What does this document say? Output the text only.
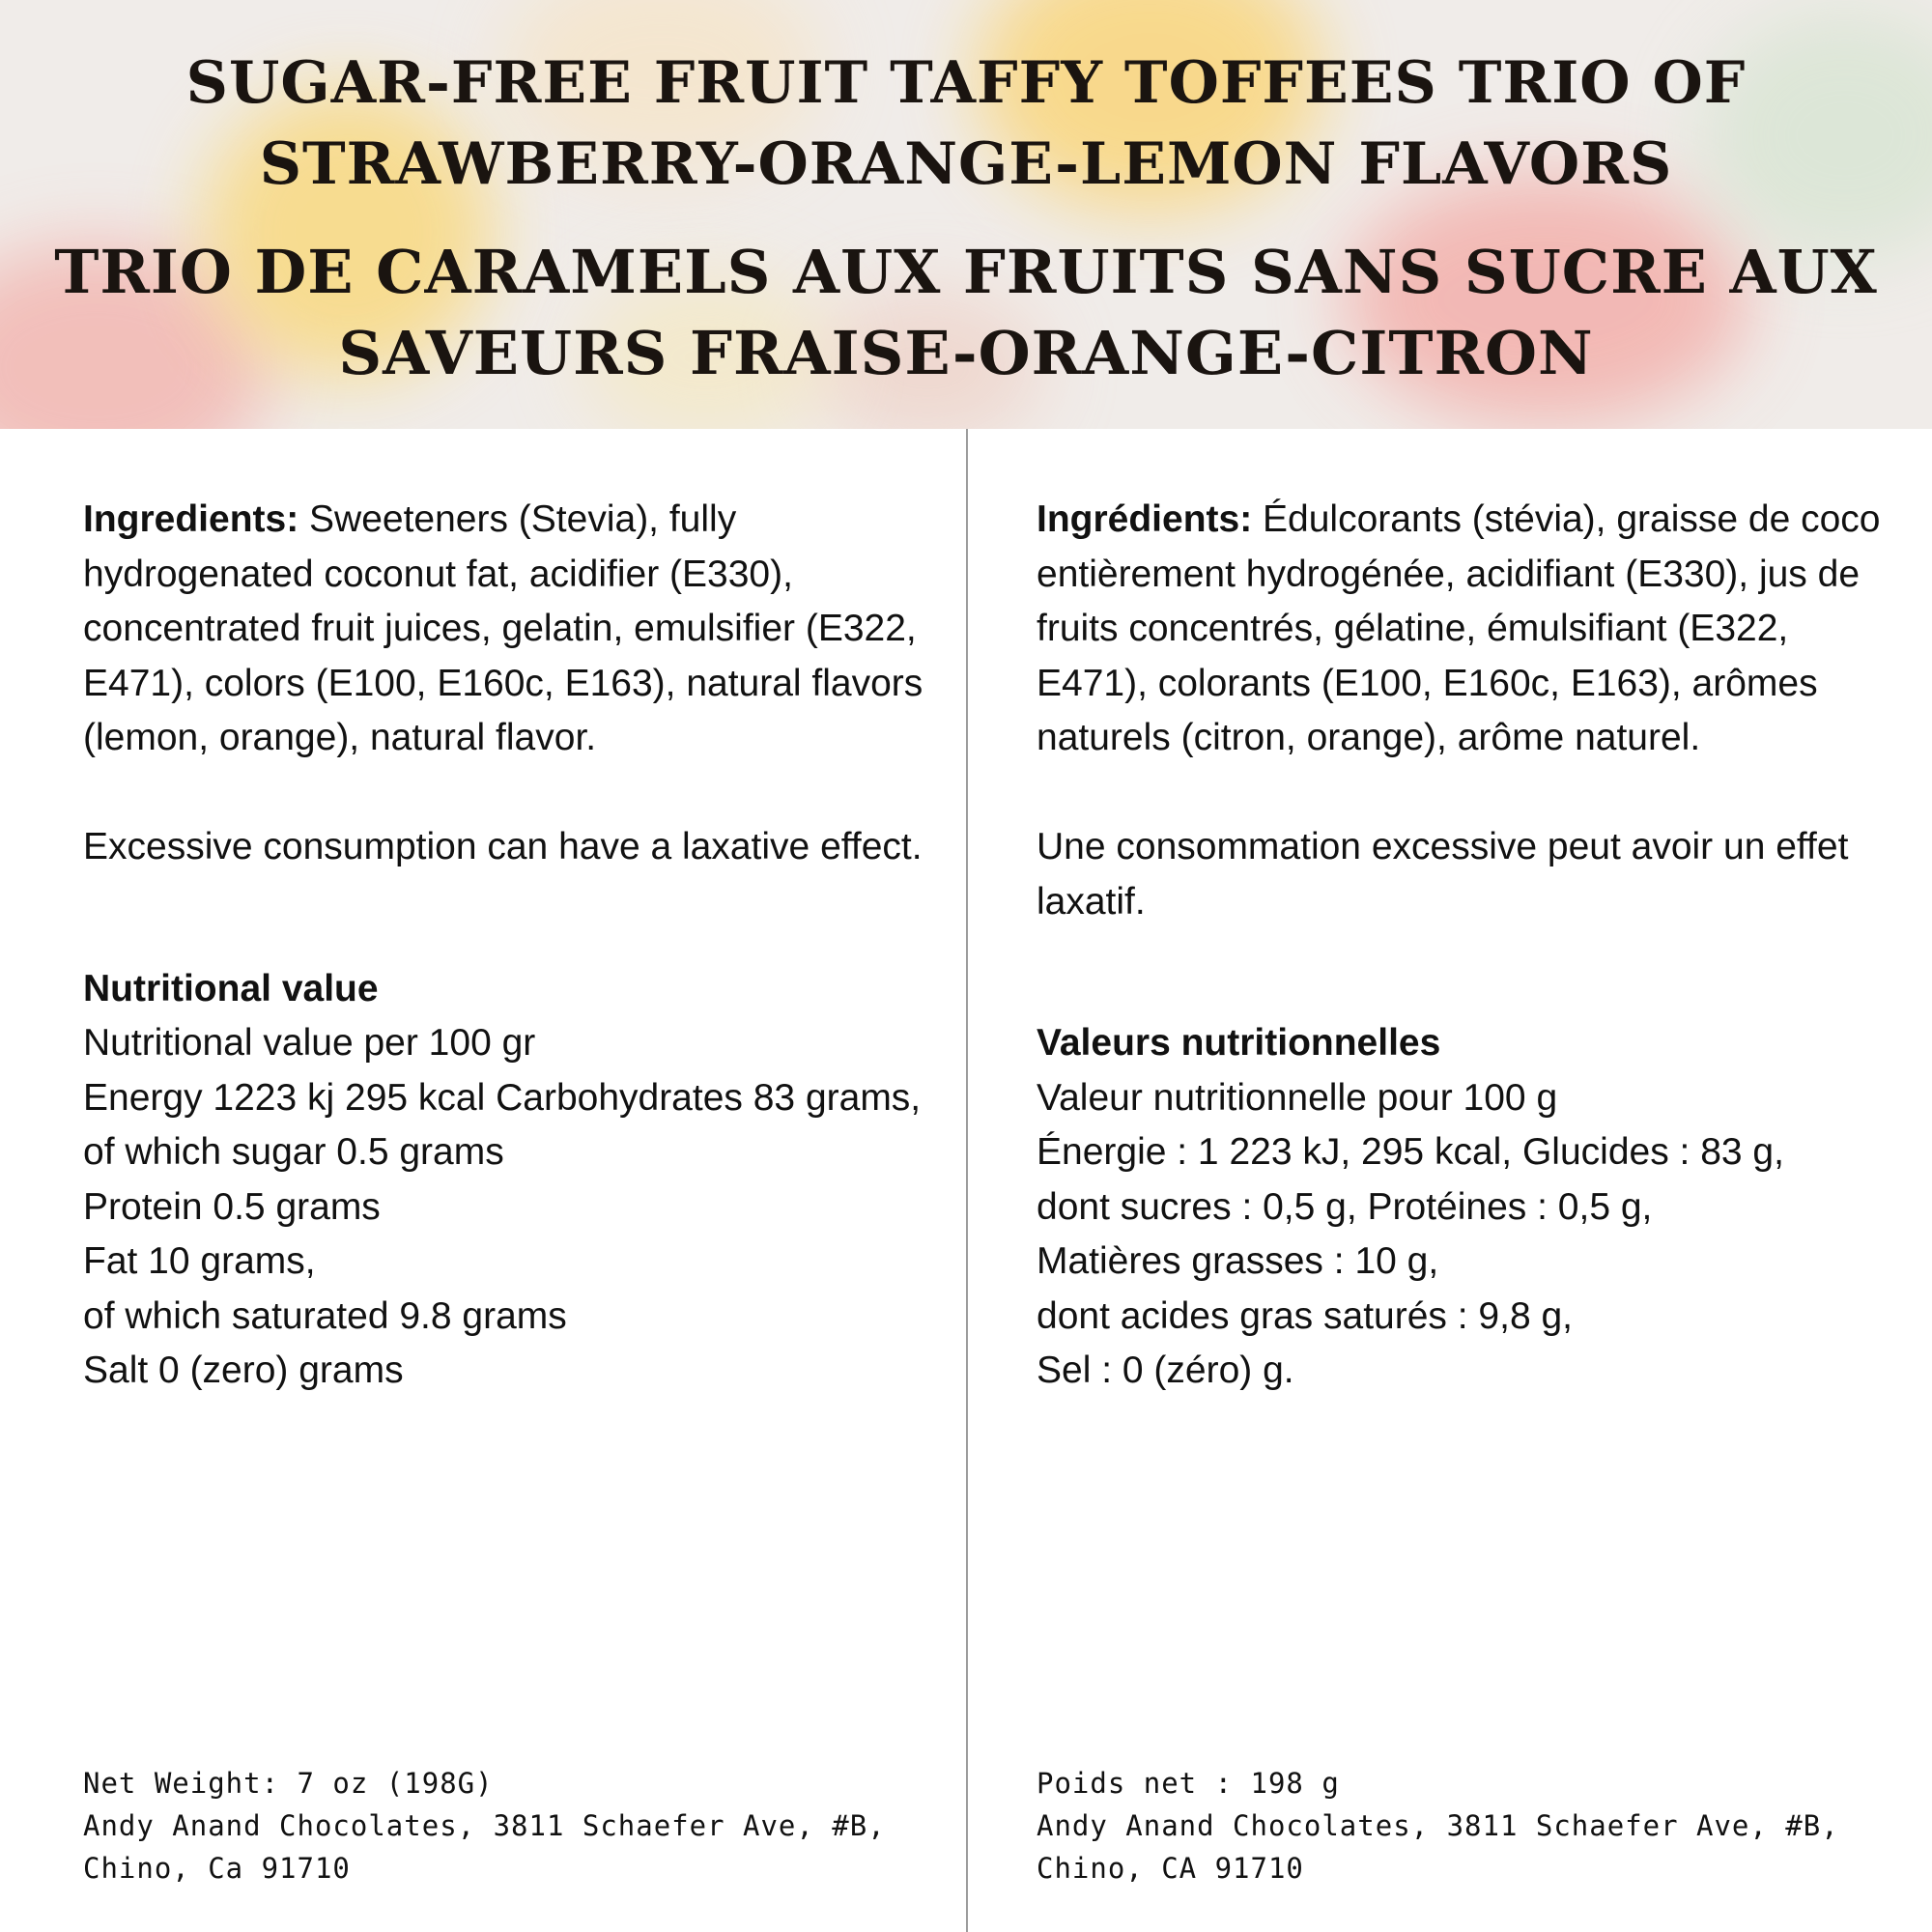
SUGAR-FREE FRUIT TAFFY TOFFEES TRIO OF STRAWBERRY-ORANGE-LEMON FLAVORS
TRIO DE CARAMELS AUX FRUITS SANS SUCRE AUX SAVEURS FRAISE-ORANGE-CITRON

Ingredients: Sweeteners (Stevia), fully hydrogenated coconut fat, acidifier (E330), concentrated fruit juices, gelatin, emulsifier (E322, E471), colors (E100, E160c, E163), natural flavors (lemon, orange), natural flavor.

Excessive consumption can have a laxative effect.

Nutritional value

Nutritional value per 100 gr
Energy 1223 kj 295 kcal Carbohydrates 83 grams,
of which sugar 0.5 grams
Protein 0.5 grams
Fat 10 grams,
of which saturated 9.8 grams
Salt 0 (zero) grams

Ingrédients: Édulcorants (stévia), graisse de coco entièrement hydrogénée, acidifiant (E330), jus de fruits concentrés, gélatine, émulsifiant (E322, E471), colorants (E100, E160c, E163), arômes naturels (citron, orange), arôme naturel.

Une consommation excessive peut avoir un effet laxatif.

Valeurs nutritionnelles

Valeur nutritionnelle pour 100 g
Énergie : 1 223 kJ, 295 kcal, Glucides : 83 g,
dont sucres : 0,5 g, Protéines : 0,5 g,
Matières grasses : 10 g,
dont acides gras saturés : 9,8 g,
Sel : 0 (zéro) g.
Net Weight: 7 oz (198G)
Andy Anand Chocolates, 3811 Schaefer Ave, #B, Chino, Ca 91710
Poids net : 198 g
Andy Anand Chocolates, 3811 Schaefer Ave, #B, Chino, CA 91710
